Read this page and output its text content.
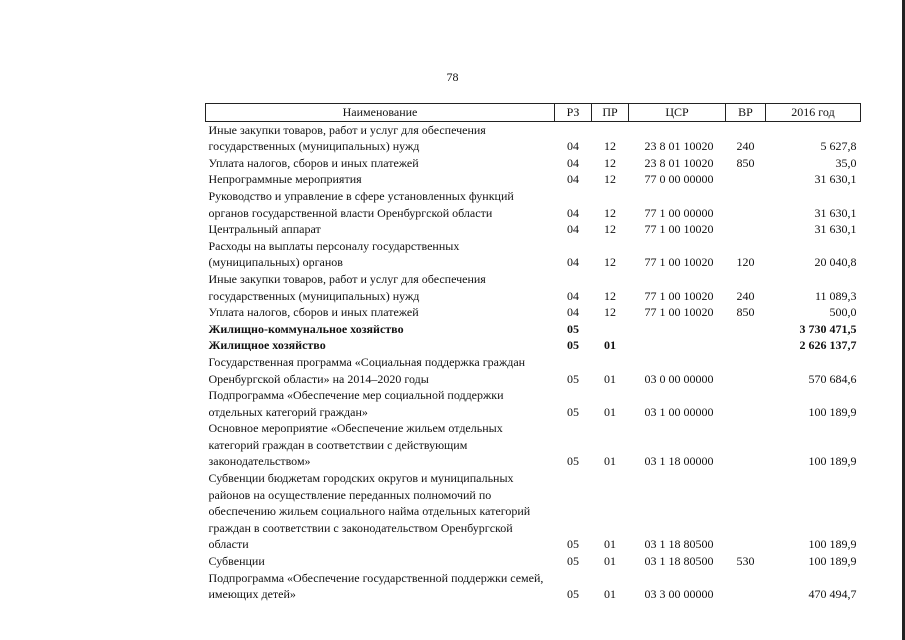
78
Наименование	РЗ	ПР	ЦСР	ВР	2016 год
Иные закупки товаров, работ и услуг для обеспечения государственных (муниципальных) нужд	04	12	23 8 01 10020	240	5 627,8
Уплата налогов, сборов и иных платежей	04	12	23 8 01 10020	850	35,0
Непрограммные мероприятия	04	12	77 0 00 00000		31 630,1
Руководство и управление в сфере установленных функций органов государственной власти Оренбургской области	04	12	77 1 00 00000		31 630,1
Центральный аппарат	04	12	77 1 00 10020		31 630,1
Расходы на выплаты персоналу государственных (муниципальных) органов	04	12	77 1 00 10020	120	20 040,8
Иные закупки товаров, работ и услуг для обеспечения государственных (муниципальных) нужд	04	12	77 1 00 10020	240	11 089,3
Уплата налогов, сборов и иных платежей	04	12	77 1 00 10020	850	500,0
Жилищно-коммунальное хозяйство	05				3 730 471,5
Жилищное хозяйство	05	01			2 626 137,7
Государственная программа «Социальная поддержка граждан Оренбургской области» на 2014–2020 годы	05	01	03 0 00 00000		570 684,6
Подпрограмма «Обеспечение мер социальной поддержки отдельных категорий граждан»	05	01	03 1 00 00000		100 189,9
Основное мероприятие «Обеспечение жильем отдельных категорий граждан в соответствии с действующим законодательством»	05	01	03 1 18 00000		100 189,9
Субвенции бюджетам городских округов и муниципальных районов на осуществление переданных полномочий по обеспечению жильем социального найма отдельных категорий граждан в соответствии с законодательством Оренбургской области	05	01	03 1 18 80500		100 189,9
Субвенции	05	01	03 1 18 80500	530	100 189,9
Подпрограмма «Обеспечение государственной поддержки семей, имеющих детей»	05	01	03 3 00 00000		470 494,7
